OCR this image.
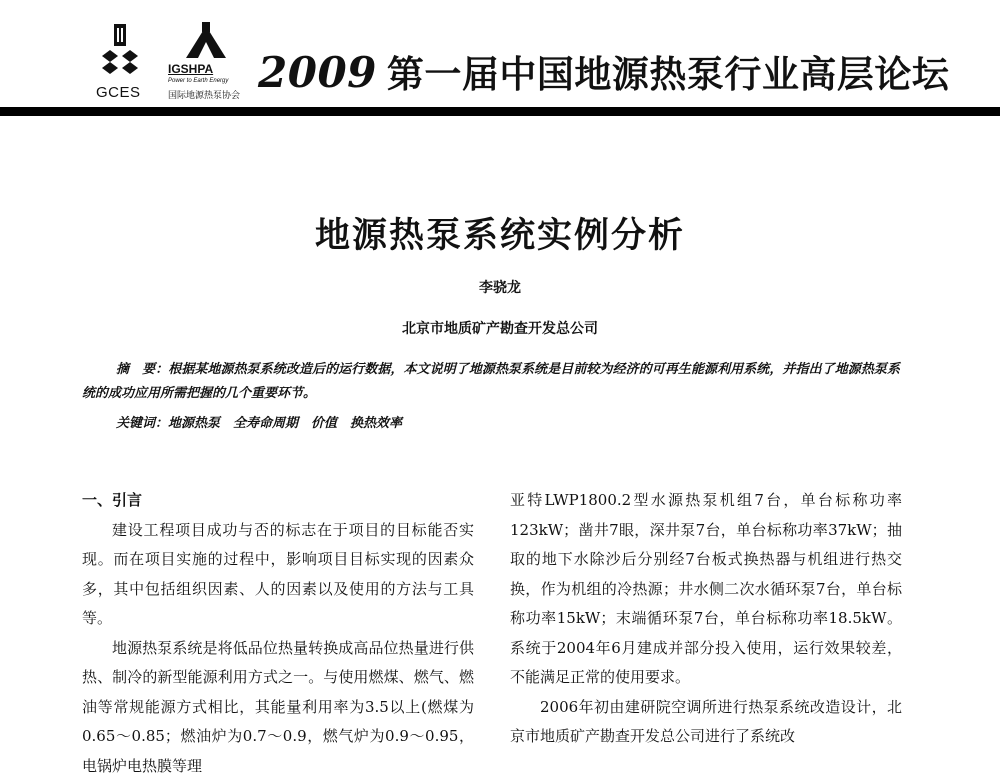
GCES
IGSHPA
Power to Earth Energy
国际地源热泵协会 2009 第一届中国地源热泵行业高层论坛
地源热泵系统实例分析
李骁龙
北京市地质矿产勘查开发总公司
摘　要：根据某地源热泵系统改造后的运行数据，本文说明了地源热泵系统是目前较为经济的可再生能源利用系统，并指出了地源热泵系统的成功应用所需把握的几个重要环节。
关键词：地源热泵　全寿命周期　价值　换热效率
一、引言

建设工程项目成功与否的标志在于项目的目标能否实现。而在项目实施的过程中，影响项目目标实现的因素众多，其中包括组织因素、人的因素以及使用的方法与工具等。

地源热泵系统是将低品位热量转换成高品位热量进行供热、制冷的新型能源利用方式之一。与使用燃煤、燃气、燃油等常规能源方式相比，其能量利用率为3.5以上(燃煤为0.65～0.85；燃油炉为0.7～0.9，燃气炉为0.9～0.95，电锅炉电热膜等理

亚特LWP1800.2型水源热泵机组7台，单台标称功率123kW；凿井7眼，深井泵7台，单台标称功率37kW；抽取的地下水除沙后分别经7台板式换热器与机组进行热交换，作为机组的冷热源；井水侧二次水循环泵7台，单台标称功率15kW；末端循环泵7台，单台标称功率18.5kW。系统于2004年6月建成并部分投入使用，运行效果较差，不能满足正常的使用要求。

2006年初由建研院空调所进行热泵系统改造设计，北京市地质矿产勘查开发总公司进行了系统改
